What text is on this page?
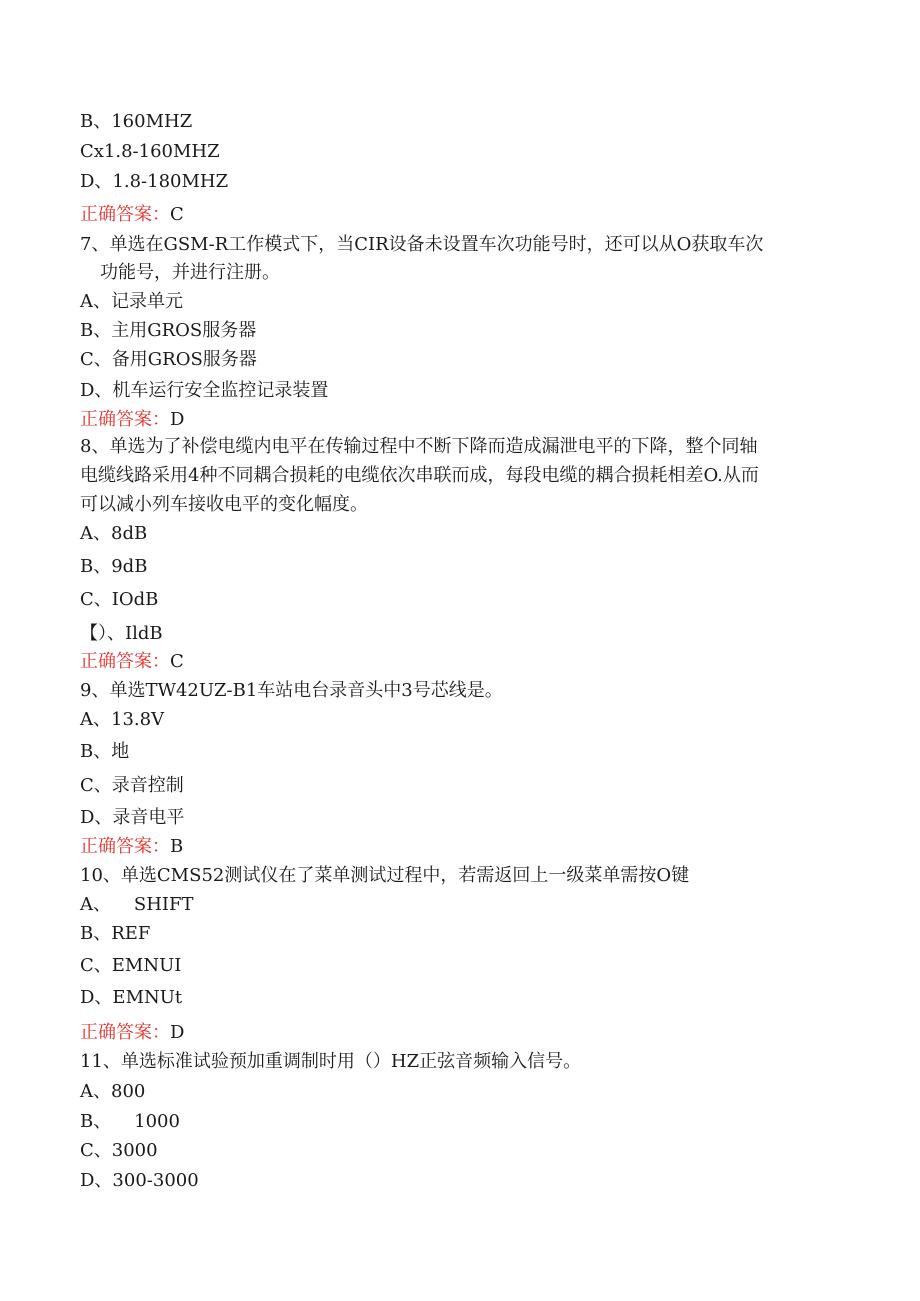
B、160MHZ
Cx1.8-160MHZ
D、1.8-180MHZ
正确答案：C
7、单选在GSM-R工作模式下，当CIR设备未设置车次功能号时，还可以从O获取车次
功能号，并进行注册。
A、记录单元
B、主用GROS服务器
C、备用GROS服务器
D、机车运行安全监控记录装置
正确答案：D
8、单选为了补偿电缆内电平在传输过程中不断下降而造成漏泄电平的下降，整个同轴
电缆线路采用4种不同耦合损耗的电缆依次串联而成，每段电缆的耦合损耗相差O.从而
可以减小列车接收电平的变化幅度。
A、8dB
B、9dB
C、IOdB
【）、IldB
正确答案：C
9、单选TW42UZ-B1车站电台录音头中3号芯线是。
A、13.8V
B、地
C、录音控制
D、录音电平
正确答案：B
10、单选CMS52测试仪在了菜单测试过程中，若需返回上一级菜单需按O键
A、    SHIFT
B、REF
C、EMNUI
D、EMNUt
正确答案：D
11、单选标准试验预加重调制时用（）HZ正弦音频输入信号。
A、800
B、    1000
C、3000
D、300-3000
